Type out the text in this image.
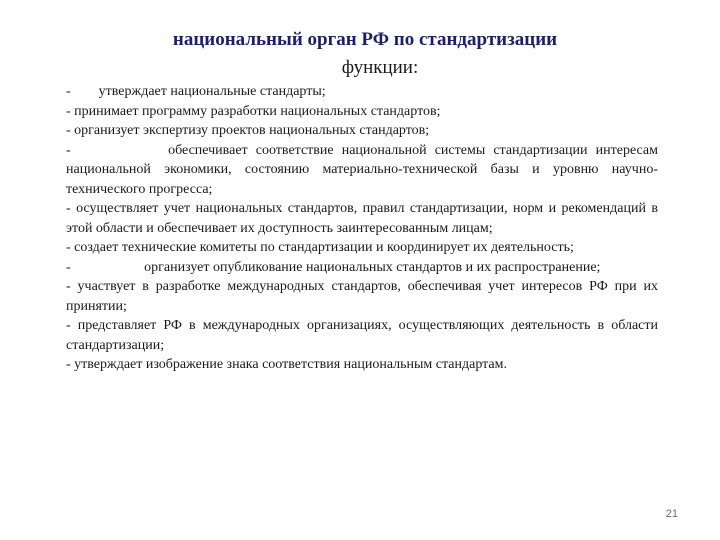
национальный орган РФ по стандартизации
функции:

-        утверждает национальные стандарты;

- принимает программу разработки национальных стандартов;

- организует экспертизу проектов национальных стандартов;

-            обеспечивает соответствие национальной системы стандартизации интересам национальной экономики, состоянию материально-технической базы и уровню научно-технического прогресса;

- осуществляет учет национальных стандартов, правил стандартизации, норм и рекомендаций в этой области и обеспечивает их доступность заинтересованным лицам;

- создает технические комитеты по стандартизации и координирует их деятельность;

-                     организует опубликование национальных стандартов и их распространение;

- участвует в разработке международных стандартов, обеспечивая учет интересов РФ при их принятии;

- представляет РФ в международных организациях, осуществляющих деятельность в области стандартизации;

- утверждает изображение знака соответствия национальным стандартам.

21
